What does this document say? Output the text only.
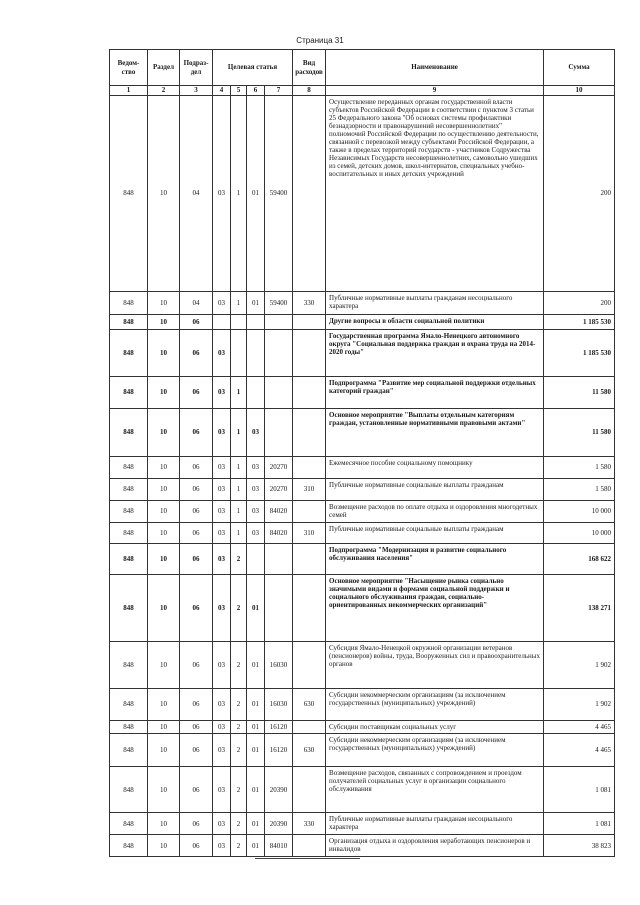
Страница 31
Ведом-ство	Раздел	Подраз-дел	Целевая статья				Вид расходов	Наименование	Сумма
1	2	3	4	5	6	7	8	9	10
848	10	04	03	1	01	59400		Осуществление переданных органам государственной власти субъектов Российской Федерации в соответствии с пунктом 3 статьи 25 Федерального закона "Об основах системы профилактики безнадзорности и правонарушений несовершеннолетних" полномочий Российской Федерации по осуществлению деятельности, связанной с перевозкой между субъектами Российской Федерации, а также в пределах территорий государств - участников Содружества Независимых Государств несовершеннолетних, самовольно ушедших из семей, детских домов, школ-интернатов, специальных учебно-воспитательных и иных детских учреждений	200
848	10	04	03	1	01	59400	330	Публичные нормативные выплаты гражданам несоциального характера	200
848	10	06						Другие вопросы в области социальной политики	1 185 530
848	10	06	03					Государственная программа Ямало-Ненецкого автономного округа "Социальная поддержка граждан и охрана труда на 2014-2020 годы"	1 185 530
848	10	06	03	1				Подпрограмма "Развитие мер социальной поддержки отдельных категорий граждан"	11 580
848	10	06	03	1	03			Основное мероприятие "Выплаты отдельным категориям граждан, установленные нормативными правовыми актами"	11 580
848	10	06	03	1	03	20270		Ежемесячное пособие социальному помощнику	1 580
848	10	06	03	1	03	20270	310	Публичные нормативные социальные выплаты гражданам	1 580
848	10	06	03	1	03	84020		Возмещение расходов по оплате отдыха и оздоровления многодетных семей	10 000
848	10	06	03	1	03	84020	310	Публичные нормативные социальные выплаты гражданам	10 000
848	10	06	03	2				Подпрограмма "Модернизация и развитие социального обслуживания населения"	168 622
848	10	06	03	2	01			Основное мероприятие "Насыщение рынка социально значимыми видами и формами социальной поддержки и социального обслуживания граждан, социально-ориентированных некоммерческих организаций"	138 271
848	10	06	03	2	01	16030		Субсидия Ямало-Ненецкой окружной организации ветеранов (пенсионеров) войны, труда, Вооруженных сил и правоохранительных органов	1 902
848	10	06	03	2	01	16030	630	Субсидии некоммерческим организациям (за исключением государственных (муниципальных) учреждений)	1 902
848	10	06	03	2	01	16120		Субсидии поставщикам социальных услуг	4 465
848	10	06	03	2	01	16120	630	Субсидии некоммерческим организациям (за исключением государственных (муниципальных) учреждений)	4 465
848	10	06	03	2	01	20390		Возмещение расходов, связанных с сопровождением и проездом получателей социальных услуг в организации социального обслуживания	1 081
848	10	06	03	2	01	20390	330	Публичные нормативные выплаты гражданам несоциального характера	1 081
848	10	06	03	2	01	84010		Организация отдыха и оздоровления неработающих пенсионеров и инвалидов	38 823
